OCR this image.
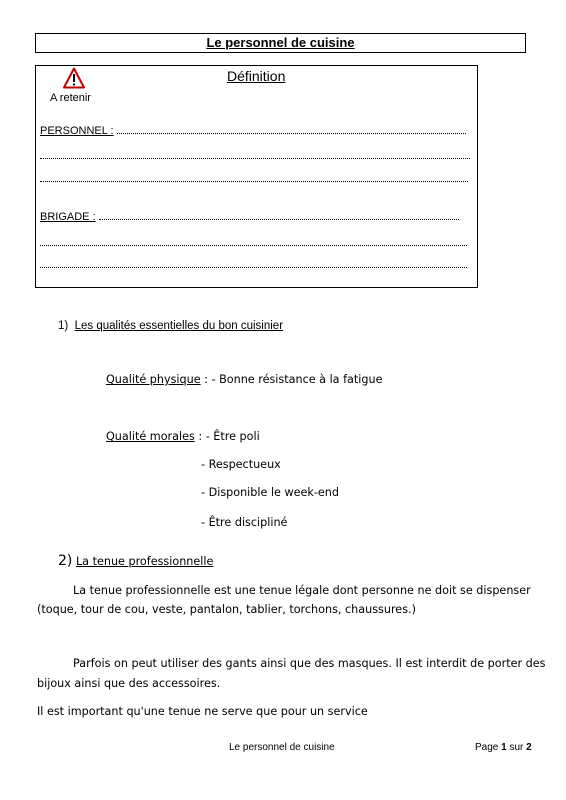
Le personnel de cuisine
A retenir
Définition
PERSONNEL :
BRIGADE :
1) Les qualités essentielles du bon cuisinier
Qualité physique : - Bonne résistance à la fatigue
Qualité morales : - Être poli
- Respectueux
- Disponible le week-end
- Être discipliné
2) La tenue professionnelle
La tenue professionnelle est une tenue légale dont personne ne doit se dispenser
(toque, tour de cou, veste, pantalon, tablier, torchons, chaussures.)
Parfois on peut utiliser des gants ainsi que des masques. Il est interdit de porter des
bijoux ainsi que des accessoires.
Il est important qu'une tenue ne serve que pour un service
Le personnel de cuisine	Page 1 sur 2
